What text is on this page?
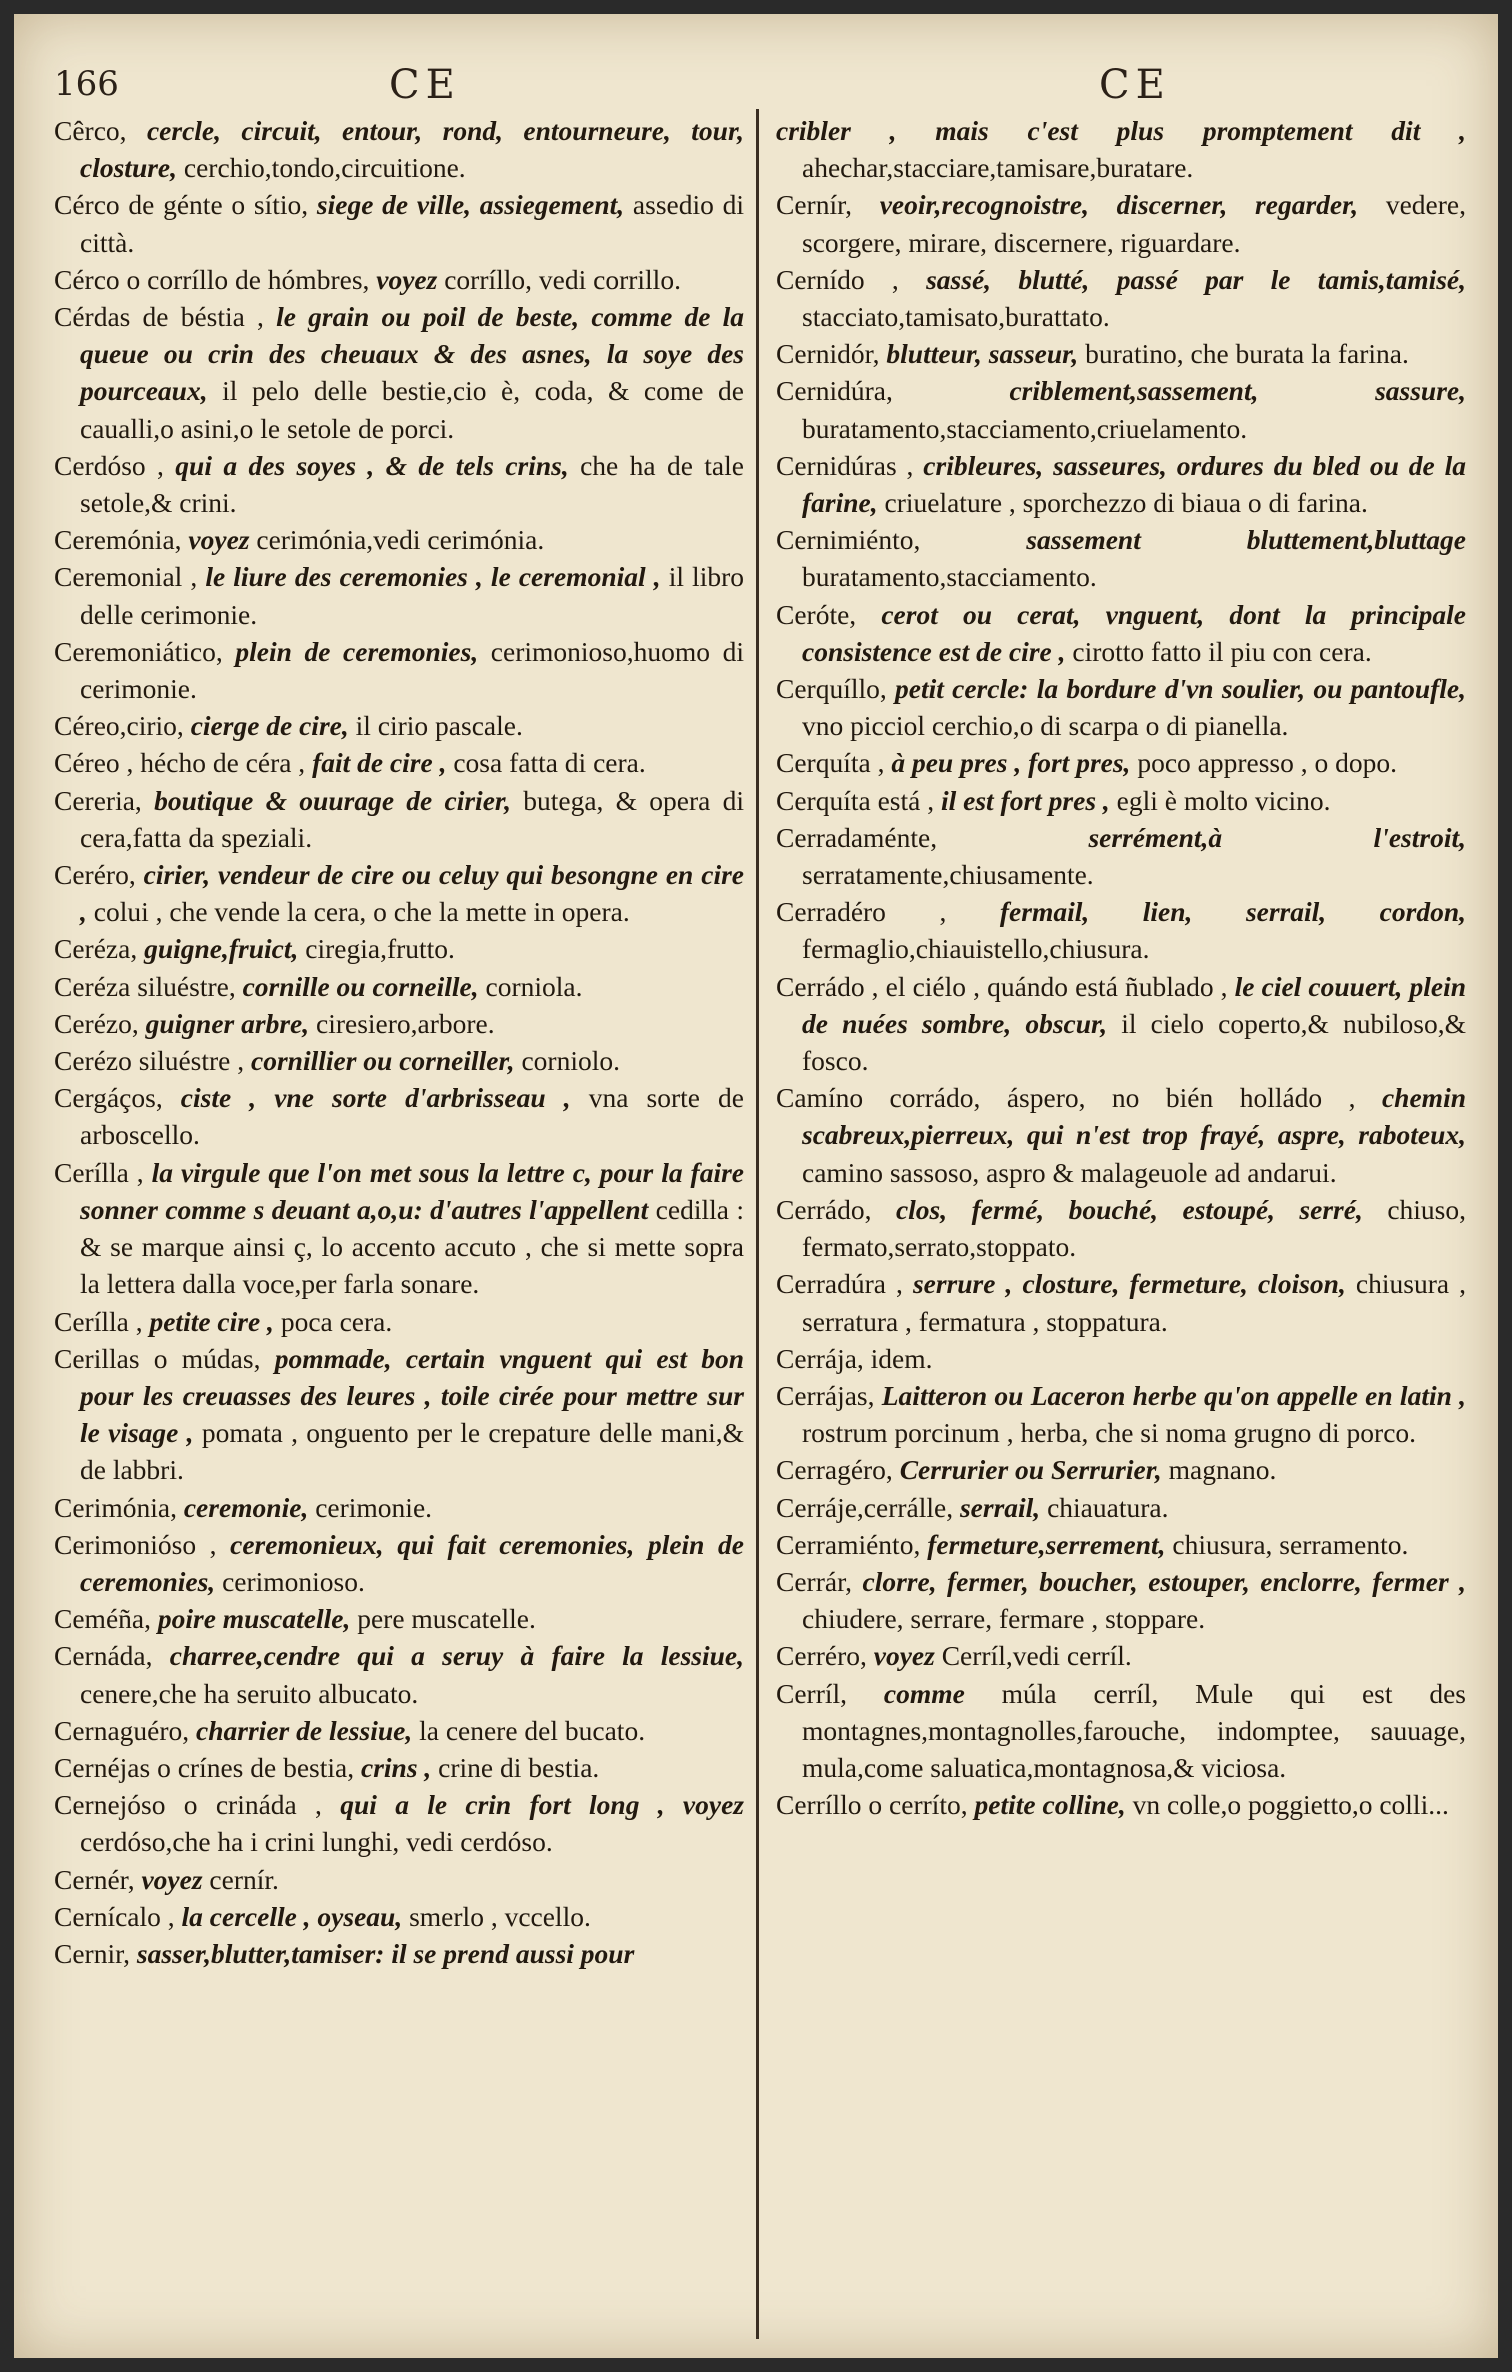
166	CE	CE

Cêrco, cercle, circuit, entour, rond, entourneure, tour, closture, cerchio,tondo,circuitione.

Cérco de génte o sítio, siege de ville, assiegement, assedio di città.

Cérco o corríllo de hómbres, voyez corríllo, vedi corrillo.

Cérdas de béstia , le grain ou poil de beste, comme de la queue ou crin des cheuaux & des asnes, la soye des pourceaux, il pelo delle bestie,cio è, coda, & come de caualli,o asini,o le setole de porci.

Cerdóso , qui a des soyes , & de tels crins, che ha de tale setole,& crini.

Ceremónia, voyez cerimónia,vedi cerimónia.

Ceremonial , le liure des ceremonies , le ceremonial , il libro delle cerimonie.

Ceremoniático, plein de ceremonies, cerimonioso,huomo di cerimonie.

Céreo,cirio, cierge de cire, il cirio pascale.

Céreo , hécho de céra , fait de cire , cosa fatta di cera.

Cereria, boutique & ouurage de cirier, butega, & opera di cera,fatta da speziali.

Ceréro, cirier, vendeur de cire ou celuy qui besongne en cire , colui , che vende la cera, o che la mette in opera.

Ceréza, guigne,fruict, ciregia,frutto.

Ceréza siluéstre, cornille ou corneille, corniola.

Cerézo, guigner arbre, ciresiero,arbore.

Cerézo siluéstre , cornillier ou corneiller, corniolo.

Cergáços, ciste , vne sorte d'arbrisseau , vna sorte de arboscello.

Cerílla , la virgule que l'on met sous la lettre c, pour la faire sonner comme s deuant a,o,u: d'autres l'appellent cedilla : & se marque ainsi ç, lo accento accuto , che si mette sopra la lettera dalla voce,per farla sonare.

Cerílla , petite cire , poca cera.

Cerillas o múdas, pommade, certain vnguent qui est bon pour les creuasses des leures , toile cirée pour mettre sur le visage , pomata , onguento per le crepature delle mani,& de labbri.

Cerimónia, ceremonie, cerimonie.

Cerimonióso , ceremonieux, qui fait ceremonies, plein de ceremonies, cerimonioso.

Ceméña, poire muscatelle, pere muscatelle.

Cernáda, charree,cendre qui a seruy à faire la lessiue, cenere,che ha seruito albucato.

Cernaguéro, charrier de lessiue, la cenere del bucato.

Cernéjas o crínes de bestia, crins , crine di bestia.

Cernejóso o crináda , qui a le crin fort long , voyez cerdóso,che ha i crini lunghi, vedi cerdóso.

Cernér, voyez cernír.

Cernícalo , la cercelle , oyseau, smerlo , vccello.

Cernir, sasser,blutter,tamiser: il se prend aussi pour

cribler , mais c'est plus promptement dit , ahechar,stacciare,tamisare,buratare.

Cernír, veoir,recognoistre, discerner, regarder, vedere, scorgere, mirare, discernere, riguardare.

Cernído , sassé, blutté, passé par le tamis,tamisé, stacciato,tamisato,burattato.

Cernidór, blutteur, sasseur, buratino, che burata la farina.

Cernidúra,	criblement,sassement, sassure, buratamento,stacciamento,criuelamento.

Cernidúras , cribleures, sasseures, ordures du bled ou de la farine, criuelature , sporchezzo di biaua o di farina.

Cernimiénto,	sassement bluttement,bluttage buratamento,stacciamento.

Ceróte, cerot ou cerat, vnguent, dont la principale consistence est de cire , cirotto fatto il piu con cera.

Cerquíllo, petit cercle: la bordure d'vn soulier, ou pantoufle, vno picciol cerchio,o di scarpa o di pianella.

Cerquíta , à peu pres , fort pres, poco appresso , o dopo.

Cerquíta está , il est fort pres , egli è molto vicino.

Cerradaménte,	serrément,à l'estroit, serratamente,chiusamente.

Cerradéro , fermail, lien, serrail, cordon, fermaglio,chiauistello,chiusura.

Cerrádo , el ciélo , quándo está ñublado , le ciel couuert, plein de nuées sombre, obscur, il cielo coperto,& nubiloso,& fosco.

Camíno corrádo, áspero, no bién holládo , chemin scabreux,pierreux, qui n'est trop frayé, aspre, raboteux, camino sassoso, aspro & malageuole ad andarui.

Cerrádo, clos, fermé, bouché, estoupé, serré, chiuso, fermato,serrato,stoppato.

Cerradúra , serrure , closture, fermeture, cloison, chiusura , serratura , fermatura , stoppatura.

Cerrája, idem.

Cerrájas, Laitteron ou Laceron herbe qu'on appelle en latin , rostrum porcinum , herba, che si noma grugno di porco.

Cerragéro, Cerrurier ou Serrurier, magnano.

Cerráje,cerrálle, serrail, chiauatura.

Cerramiénto, fermeture,serrement, chiusura, serramento.

Cerrár, clorre, fermer, boucher, estouper, enclorre, fermer , chiudere, serrare, fermare , stoppare.

Cerréro, voyez Cerríl,vedi cerríl.

Cerríl, comme múla cerríl, Mule qui est des montagnes,montagnolles,farouche, indomptee, sauuage, mula,come saluatica,montagnosa,& viciosa.

Cerríllo o cerríto, petite colline, vn colle,o poggietto,o colli...
